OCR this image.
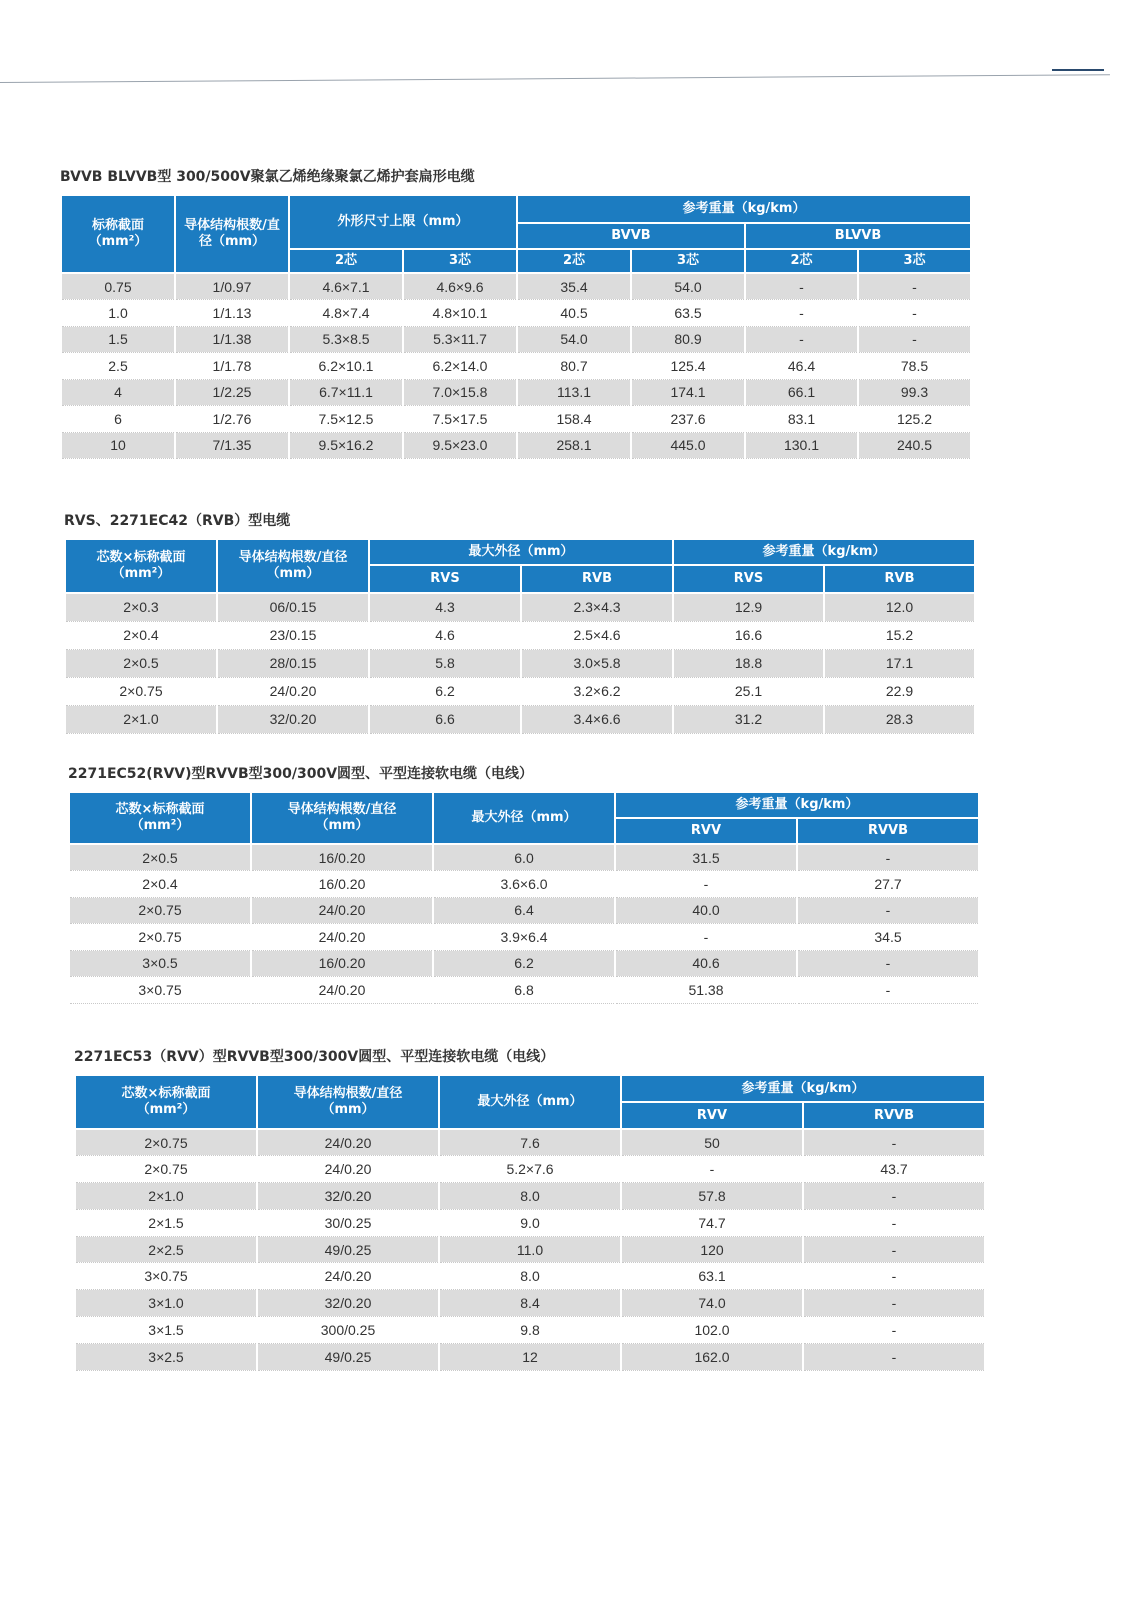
BVVB BLVVB型 300/500V聚氯乙烯绝缘聚氯乙烯护套扁形电缆
标称截面（mm²）	导体结构根数/直径（mm）	外形尺寸上限（mm）		参考重量（kg/km）			
				BVVB		BLVVB	
		2芯	3芯	2芯	3芯	2芯	3芯
0.75	1/0.97	4.6×7.1	4.6×9.6	35.4	54.0	-	-
1.0	1/1.13	4.8×7.4	4.8×10.1	40.5	63.5	-	-
1.5	1/1.38	5.3×8.5	5.3×11.7	54.0	80.9	-	-
2.5	1/1.78	6.2×10.1	6.2×14.0	80.7	125.4	46.4	78.5
4	1/2.25	6.7×11.1	7.0×15.8	113.1	174.1	66.1	99.3
6	1/2.76	7.5×12.5	7.5×17.5	158.4	237.6	83.1	125.2
10	7/1.35	9.5×16.2	9.5×23.0	258.1	445.0	130.1	240.5
RVS、2271EC42（RVB）型电缆
芯数×标称截面（mm²）	导体结构根数/直径（mm）	最大外径（mm）		参考重量（kg/km）	
		RVS	RVB	RVS	RVB
2×0.3	06/0.15	4.3	2.3×4.3	12.9	12.0
2×0.4	23/0.15	4.6	2.5×4.6	16.6	15.2
2×0.5	28/0.15	5.8	3.0×5.8	18.8	17.1
2×0.75	24/0.20	6.2	3.2×6.2	25.1	22.9
2×1.0	32/0.20	6.6	3.4×6.6	31.2	28.3
2271EC52(RVV)型RVVB型300/300V圆型、平型连接软电缆（电线）
芯数×标称截面（mm²）	导体结构根数/直径（mm）	最大外径（mm）	参考重量（kg/km）	
			RVV	RVVB
2×0.5	16/0.20	6.0	31.5	-
2×0.4	16/0.20	3.6×6.0	-	27.7
2×0.75	24/0.20	6.4	40.0	-
2×0.75	24/0.20	3.9×6.4	-	34.5
3×0.5	16/0.20	6.2	40.6	-
3×0.75	24/0.20	6.8	51.38	-
2271EC53（RVV）型RVVB型300/300V圆型、平型连接软电缆（电线）
芯数×标称截面（mm²）	导体结构根数/直径（mm）	最大外径（mm）	参考重量（kg/km）	
			RVV	RVVB
2×0.75	24/0.20	7.6	50	-
2×0.75	24/0.20	5.2×7.6	-	43.7
2×1.0	32/0.20	8.0	57.8	-
2×1.5	30/0.25	9.0	74.7	-
2×2.5	49/0.25	11.0	120	-
3×0.75	24/0.20	8.0	63.1	-
3×1.0	32/0.20	8.4	74.0	-
3×1.5	300/0.25	9.8	102.0	-
3×2.5	49/0.25	12	162.0	-
